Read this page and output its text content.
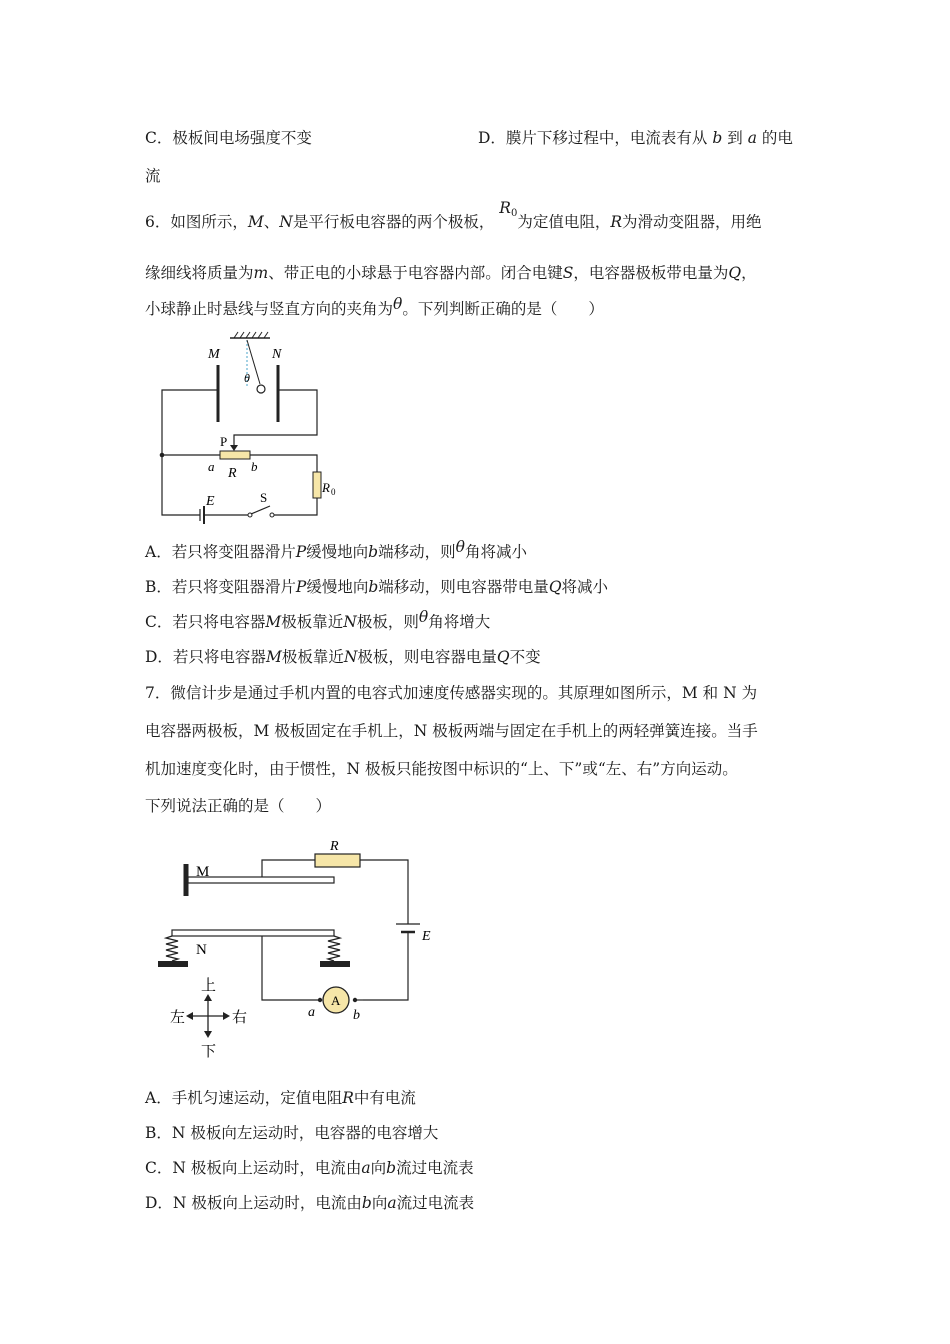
C．极板间电场强度不变	D．膜片下移过程中，电流表有从 b 到 a 的电
流
6．如图所示，M、N是平行板电容器的两个极板， $R_0$为定值电阻，R为滑动变阻器，用绝
缘细线将质量为m、带正电的小球悬于电容器内部。闭合电键S，电容器极板带电量为Q，
小球静止时悬线与竖直方向的夹角为θ。下列判断正确的是（　　）
M	N
θ
P
a R b
R 0
E	S
A．若只将变阻器滑片P缓慢地向b端移动，则θ角将减小
B．若只将变阻器滑片P缓慢地向b端移动，则电容器带电量Q将减小
C．若只将电容器M极板靠近N极板，则θ角将增大
D．若只将电容器M极板靠近N极板，则电容器电量Q不变
7．微信计步是通过手机内置的电容式加速度传感器实现的。其原理如图所示，M 和 N 为
电容器两极板，M 极板固定在手机上，N 极板两端与固定在手机上的两轻弹簧连接。当手
机加速度变化时，由于惯性，N 极板只能按图中标识的“上、下”或“左、右”方向运动。
下列说法正确的是（　　）
M
R
E
N
A
a	b
上
下
左	右
A．手机匀速运动，定值电阻R中有电流
B．N 极板向左运动时，电容器的电容增大
C．N 极板向上运动时，电流由a向b流过电流表
D．N 极板向上运动时，电流由b向a流过电流表
